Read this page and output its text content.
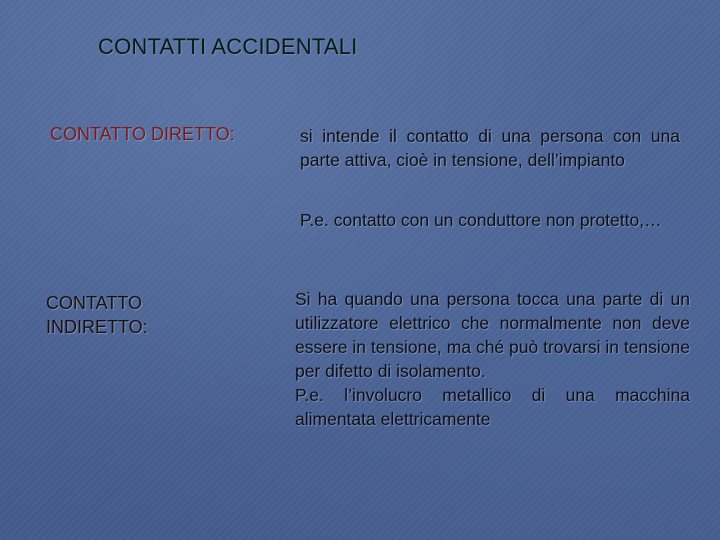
CONTATTI ACCIDENTALI
CONTATTO DIRETTO:	si intende il contatto di una persona con una parte attiva, cioè in tensione, dell’impianto
P.e. contatto con un conduttore non protetto,…
CONTATTO INDIRETTO:
Si ha quando una persona tocca una parte di un utilizzatore elettrico che normalmente non deve essere in tensione, ma ché può trovarsi in tensione per difetto di isolamento.
P.e. l’involucro metallico di una macchina alimentata elettricamente
